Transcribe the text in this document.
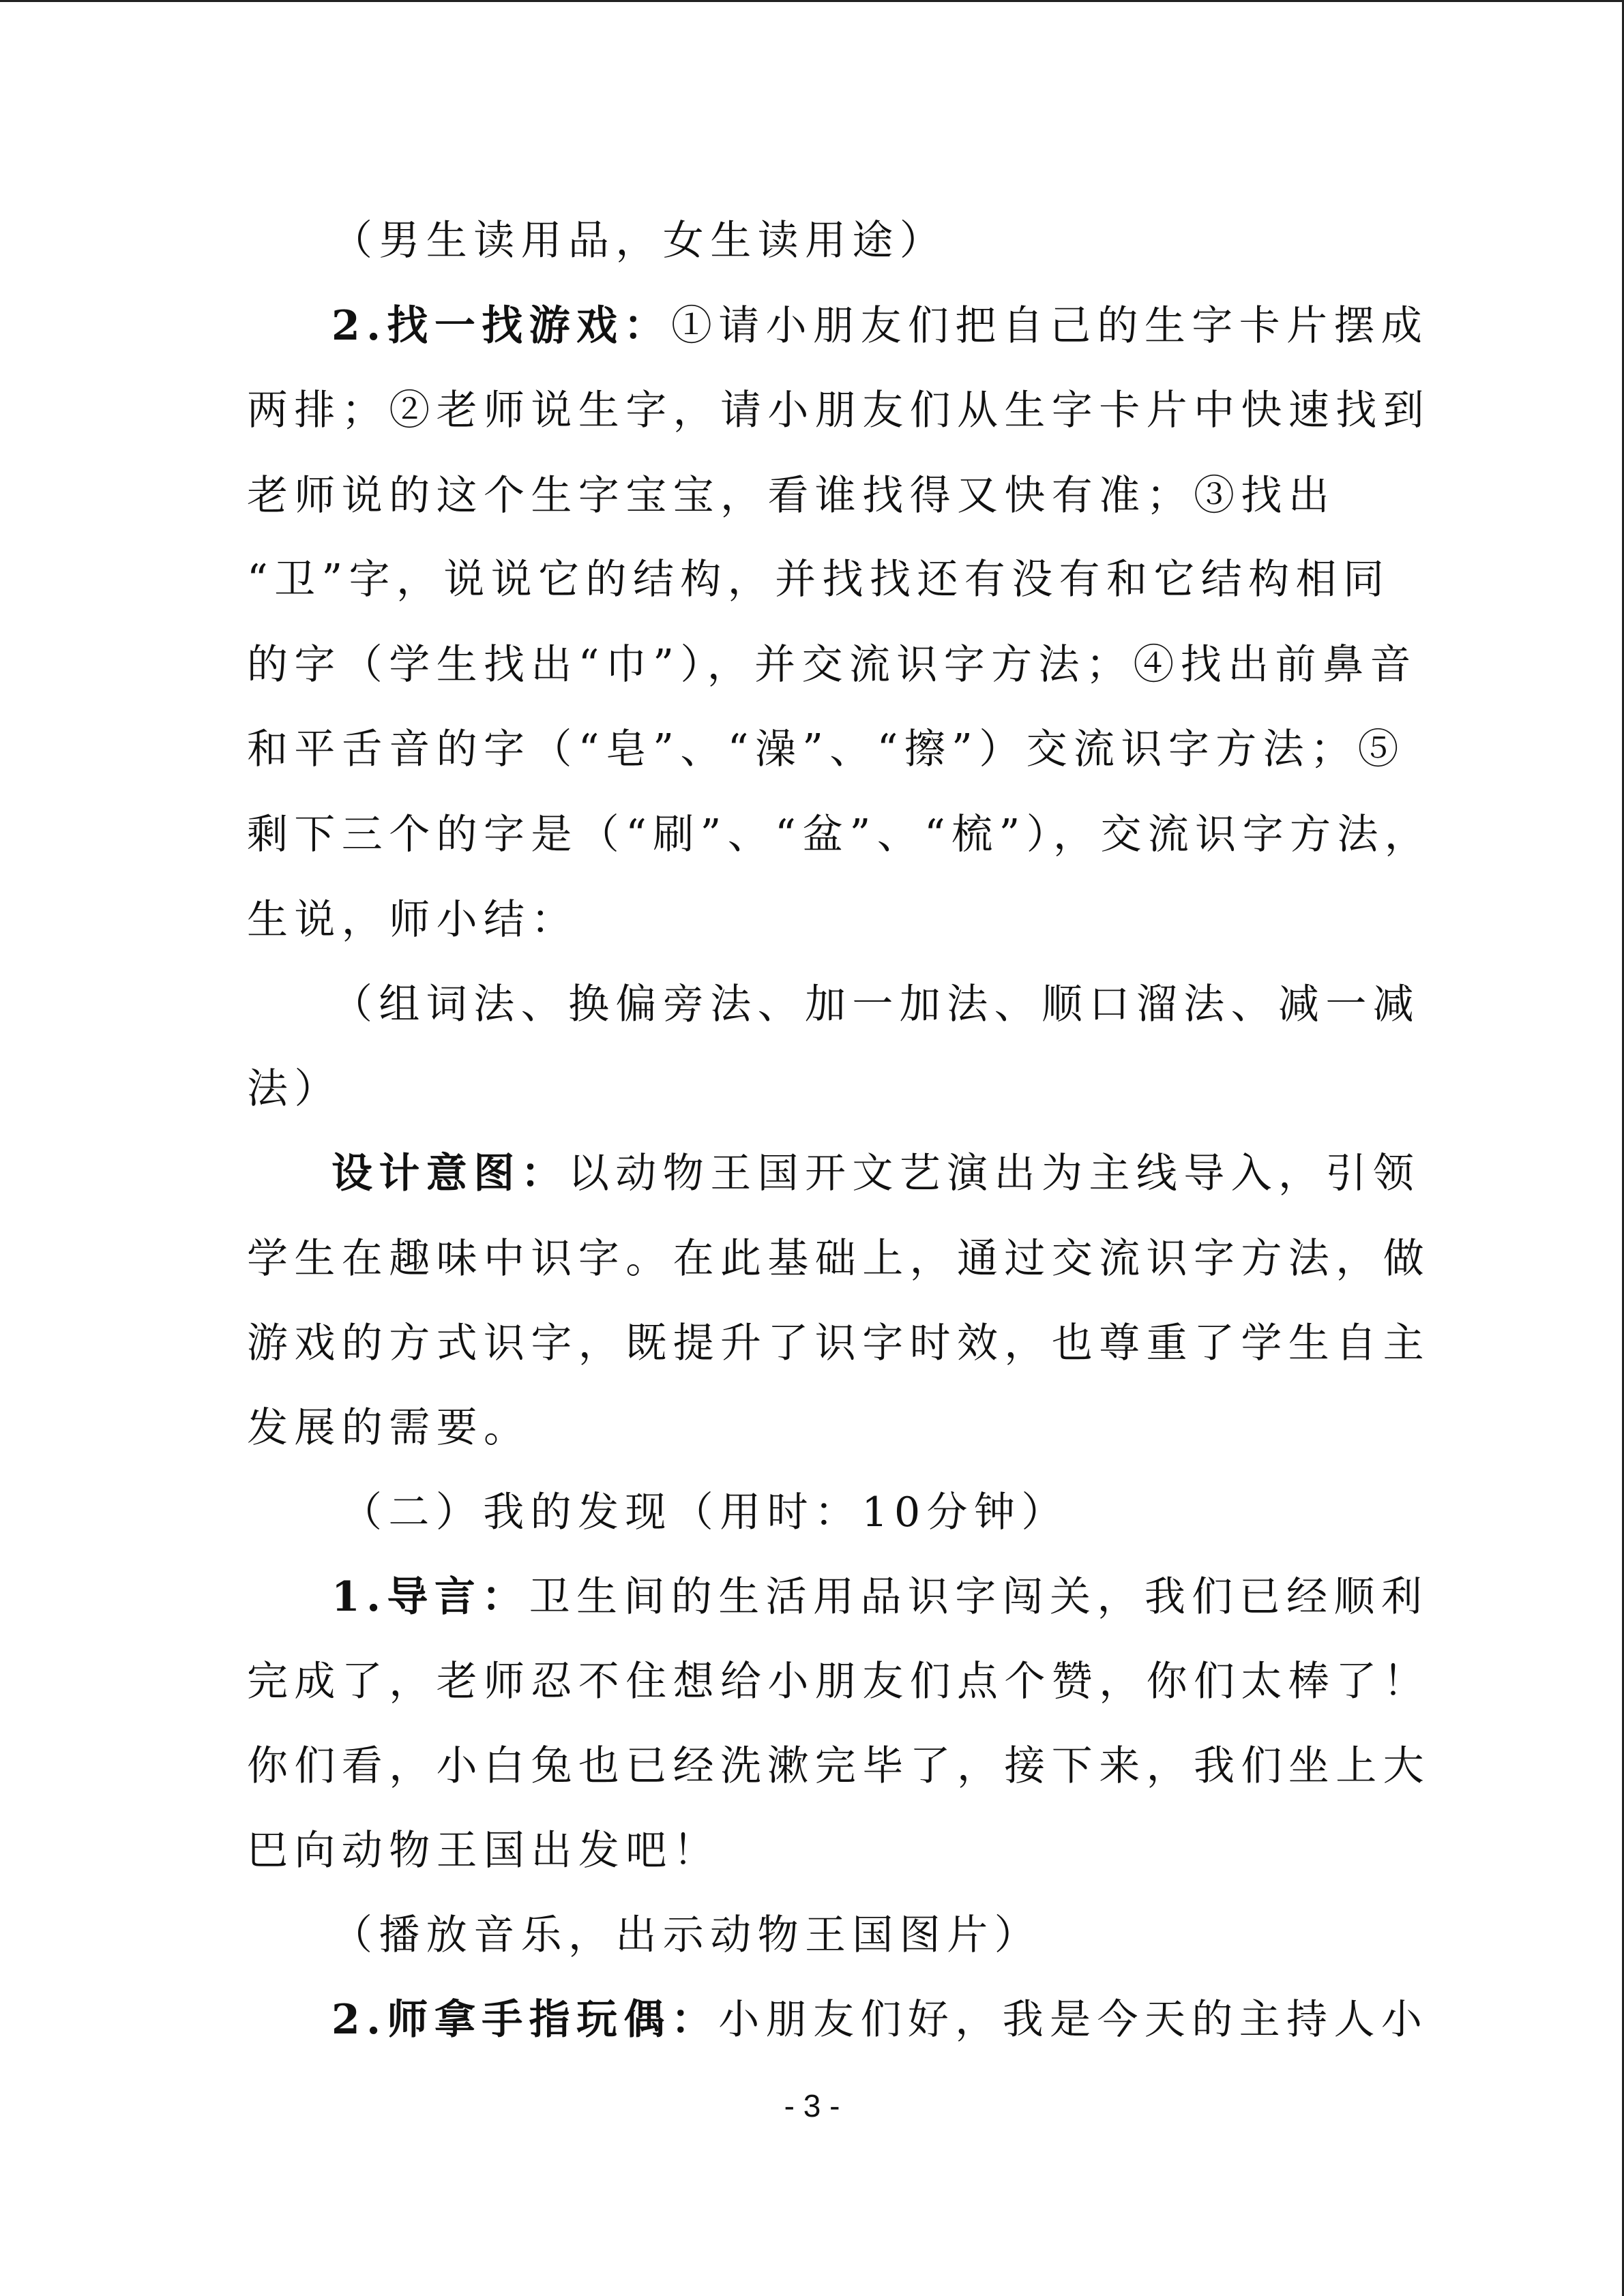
（男生读用品，女生读用途）
2.找一找游戏：①请小朋友们把自己的生字卡片摆成
两排；②老师说生字，请小朋友们从生字卡片中快速找到
老师说的这个生字宝宝，看谁找得又快有准；③找出
“卫”字，说说它的结构，并找找还有没有和它结构相同
的字（学生找出“巾”），并交流识字方法；④找出前鼻音
和平舌音的字（“皂”、“澡”、“擦”）交流识字方法；⑤
剩下三个的字是（“刷”、“盆”、“梳”），交流识字方法，
生说，师小结：
（组词法、换偏旁法、加一加法、顺口溜法、减一减
法）
设计意图：以动物王国开文艺演出为主线导入，引领
学生在趣味中识字。在此基础上，通过交流识字方法，做
游戏的方式识字，既提升了识字时效，也尊重了学生自主
发展的需要。
（二）我的发现（用时：10分钟）
1.导言：卫生间的生活用品识字闯关，我们已经顺利
完成了，老师忍不住想给小朋友们点个赞，你们太棒了！
你们看，小白兔也已经洗漱完毕了，接下来，我们坐上大
巴向动物王国出发吧！
（播放音乐，出示动物王国图片）
2.师拿手指玩偶：小朋友们好，我是今天的主持人小
- 3 -
